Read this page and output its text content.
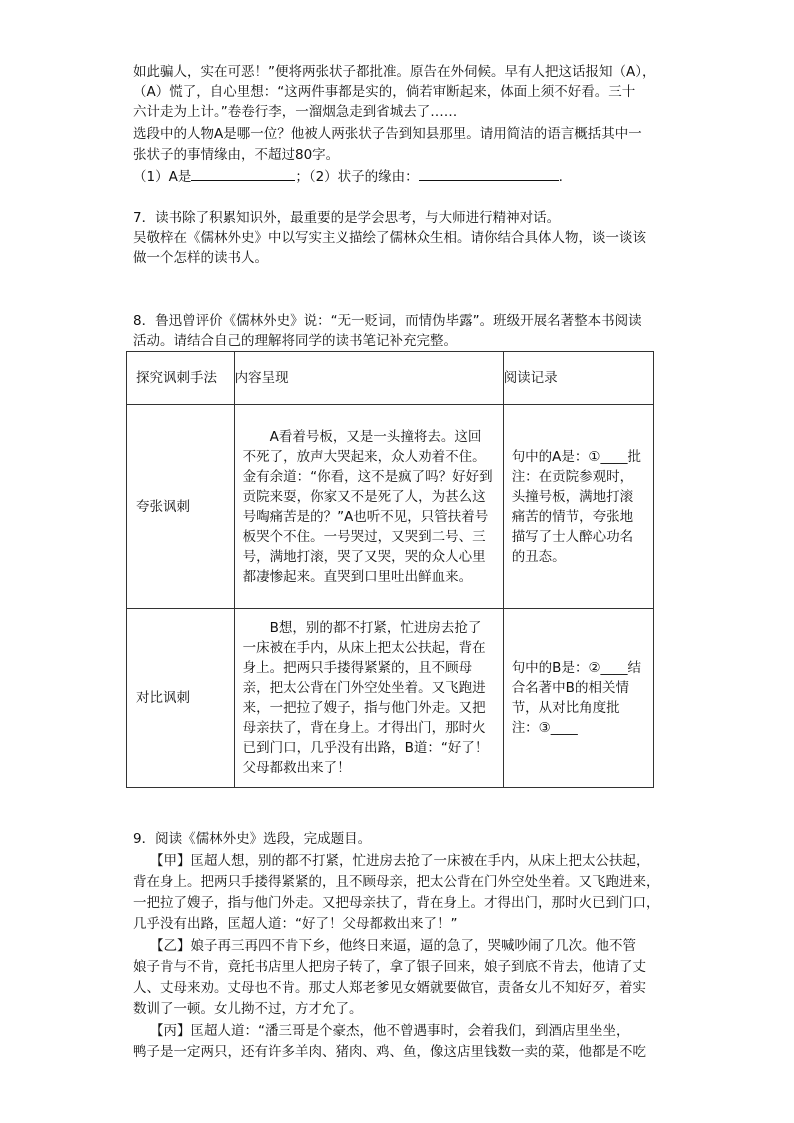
如此骗人，实在可恶！”便将两张状子都批准。原告在外伺候。早有人把这话报知（A），
（A）慌了，自心里想：“这两件事都是实的，倘若审断起来，体面上须不好看。三十
六计走为上计。”卷卷行李，一溜烟急走到省城去了……
选段中的人物A是哪一位？他被人两张状子告到知县那里。请用简洁的语言概括其中一
张状子的事情缘由，不超过80字。
（1）A是	；（2）状子的缘由：	.
7．读书除了积累知识外，最重要的是学会思考，与大师进行精神对话。
吴敬梓在《儒林外史》中以写实主义描绘了儒林众生相。请你结合具体人物，谈一谈该
做一个怎样的读书人。
8．鲁迅曾评价《儒林外史》说：“无一贬词，而情伪毕露”。班级开展名著整本书阅读
活动。请结合自己的理解将同学的读书笔记补充完整。
探究讽刺手法	内容呈现	阅读记录
夸张讽刺	A看着号板，又是一头撞将去。这回不死了，放声大哭起来，众人劝着不住。金有余道：“你看，这不是疯了吗？好好到贡院来耍，你家又不是死了人，为甚么这号啕痛苦是的？”A也听不见，只管扶着号板哭个不住。一号哭过，又哭到二号、三号，满地打滚，哭了又哭，哭的众人心里都凄惨起来。直哭到口里吐出鲜血来。	句中的A是：①____批注：在贡院参观时，头撞号板，满地打滚痛苦的情节，夸张地描写了士人醉心功名的丑态。

对比讽刺	B想，别的都不打紧，忙进房去抢了一床被在手内，从床上把太公扶起，背在身上。把两只手搂得紧紧的，且不顾母亲，把太公背在门外空处坐着。又飞跑进来，一把拉了嫂子，指与他门外走。又把母亲扶了，背在身上。才得出门，那时火已到门口，几乎没有出路，B道：“好了！父母都救出来了！	句中的B是：②____结合名著中B的相关情节，从对比角度批注：③____

9．阅读《儒林外史》选段，完成题目。
【甲】匡超人想，别的都不打紧，忙进房去抢了一床被在手内，从床上把太公扶起，
背在身上。把两只手搂得紧紧的，且不顾母亲，把太公背在门外空处坐着。又飞跑进来，
一把拉了嫂子，指与他门外走。又把母亲扶了，背在身上。才得出门，那时火已到门口，
几乎没有出路，匡超人道：“好了！父母都救出来了！”
【乙】娘子再三再四不肯下乡，他终日来逼，逼的急了，哭喊吵闹了几次。他不管
娘子肯与不肯，竟托书店里人把房子转了，拿了银子回来，娘子到底不肯去，他请了丈
人、丈母来劝。丈母也不肯。那丈人郑老爹见女婿就要做官，责备女儿不知好歹，着实
数训了一顿。女儿拗不过，方才允了。
【丙】匡超人道：“潘三哥是个豪杰，他不曾遇事时，会着我们，到酒店里坐坐，
鸭子是一定两只，还有许多羊肉、猪肉、鸡、鱼，像这店里钱数一卖的菜，他都是不吃
